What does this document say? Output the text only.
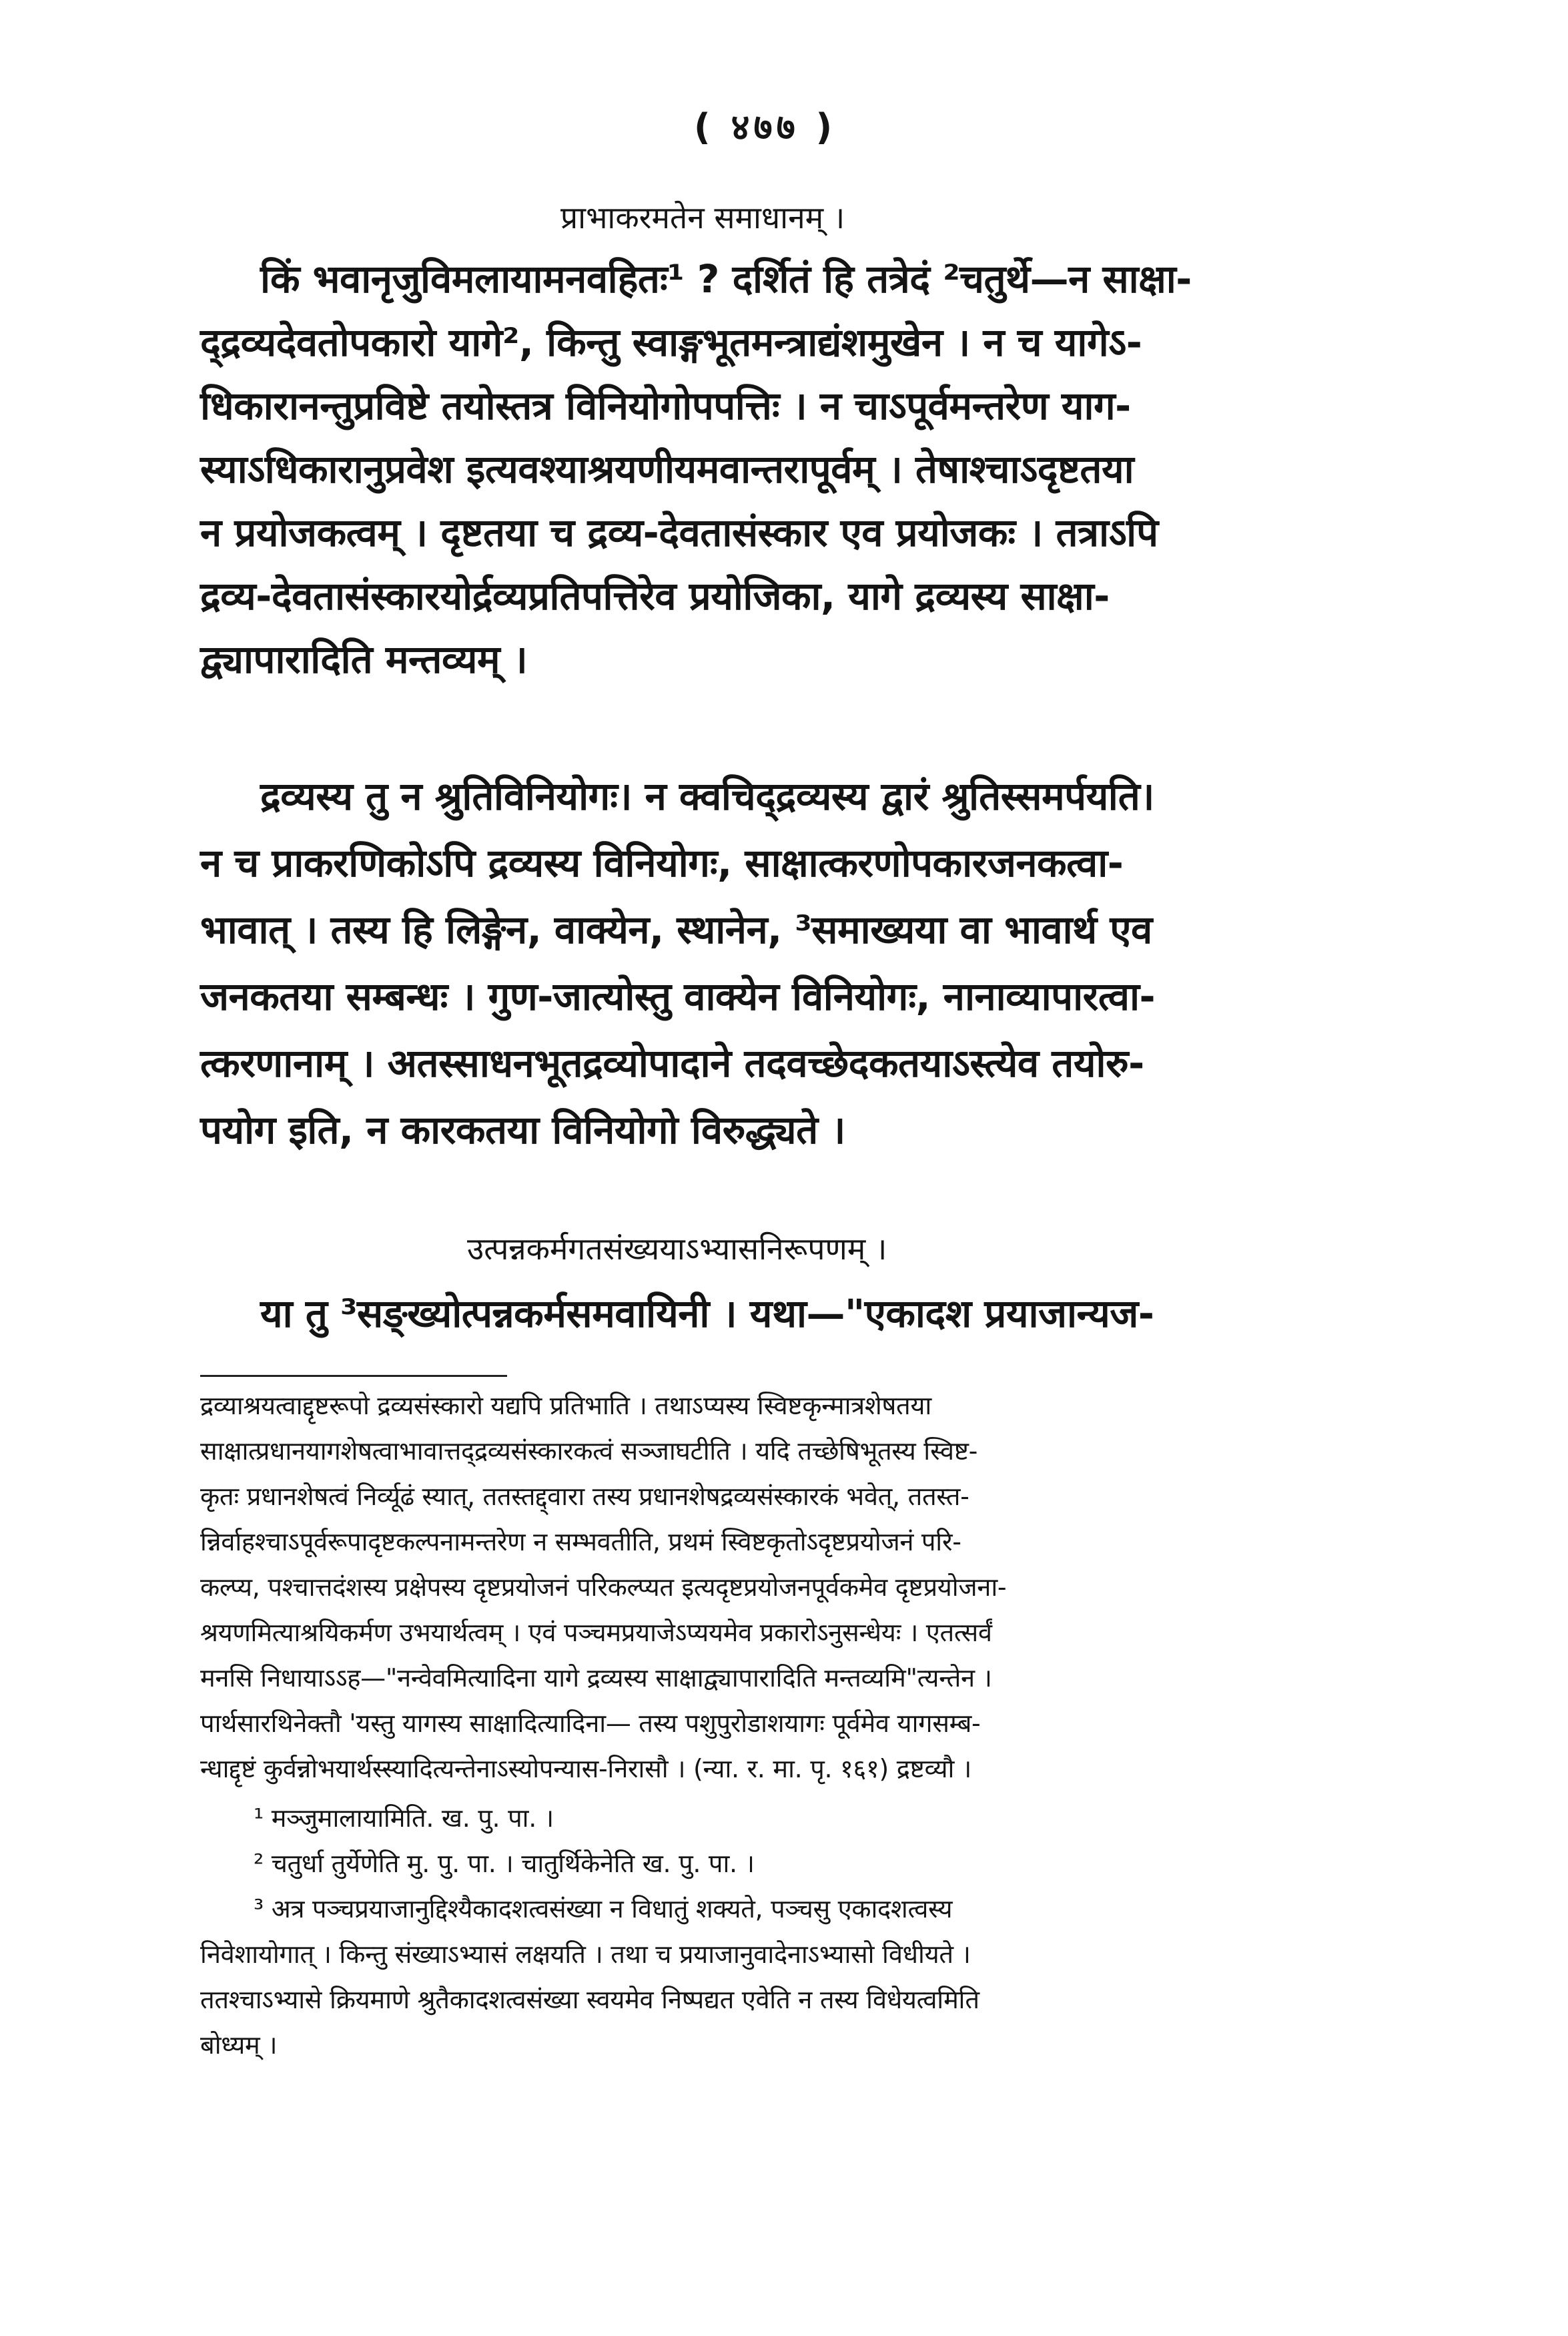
( ४७७ )
प्राभाकरमतेन समाधानम् ।
किं भवानृजुविमलायामनवहितः¹ ? दर्शितं हि तत्रेदं ²चतुर्थे—न साक्षा-
द्द्रव्यदेवतोपकारो यागे², किन्तु स्वाङ्गभूतमन्त्राद्यंशमुखेन । न च यागेऽ-
धिकारानन्तुप्रविष्टे तयोस्तत्र विनियोगोपपत्तिः । न चाऽपूर्वमन्तरेण याग-
स्याऽधिकारानुप्रवेश इत्यवश्याश्रयणीयमवान्तरापूर्वम् । तेषाश्चाऽदृष्टतया
न प्रयोजकत्वम् । दृष्टतया च द्रव्य-देवतासंस्कार एव प्रयोजकः । तत्राऽपि
द्रव्य-देवतासंस्कारयोर्द्रव्यप्रतिपत्तिरेव प्रयोजिका, यागे द्रव्यस्य साक्षा-
द्व्यापारादिति मन्तव्यम् ।
द्रव्यस्य तु न श्रुतिविनियोगः। न क्वचिद्द्रव्यस्य द्वारं श्रुतिस्समर्पयति।
न च प्राकरणिकोऽपि द्रव्यस्य विनियोगः, साक्षात्करणोपकारजनकत्वा-
भावात् । तस्य हि लिङ्गेन, वाक्येन, स्थानेन, ³समाख्यया वा भावार्थ एव
जनकतया सम्बन्धः । गुण-जात्योस्तु वाक्येन विनियोगः, नानाव्यापारत्वा-
त्करणानाम् । अतस्साधनभूतद्रव्योपादाने तदवच्छेदकतयाऽस्त्येव तयोरु-
पयोग इति, न कारकतया विनियोगो विरुद्ध्यते ।
उत्पन्नकर्मगतसंख्ययाऽभ्यासनिरूपणम् ।
या तु ³सङ्ख्योत्पन्नकर्मसमवायिनी । यथा—"एकादश प्रयाजान्यज-
द्रव्याश्रयत्वाद्दृष्टरूपो द्रव्यसंस्कारो यद्यपि प्रतिभाति । तथाऽप्यस्य स्विष्टकृन्मात्रशेषतया
साक्षात्प्रधानयागशेषत्वाभावात्तद्द्रव्यसंस्कारकत्वं सञ्जाघटीति । यदि तच्छेषिभूतस्य स्विष्ट-
कृतः प्रधानशेषत्वं निर्व्यूढं स्यात्, ततस्तद्द्वारा तस्य प्रधानशेषद्रव्यसंस्कारकं भवेत्, ततस्त-
न्निर्वाहश्चाऽपूर्वरूपादृष्टकल्पनामन्तरेण न सम्भवतीति, प्रथमं स्विष्टकृतोऽदृष्टप्रयोजनं परि-
कल्प्य, पश्चात्तदंशस्य प्रक्षेपस्य दृष्टप्रयोजनं परिकल्प्यत इत्यदृष्टप्रयोजनपूर्वकमेव दृष्टप्रयोजना-
श्रयणमित्याश्रयिकर्मण उभयार्थत्वम् । एवं पञ्चमप्रयाजेऽप्ययमेव प्रकारोऽनुसन्धेयः । एतत्सर्वं
मनसि निधायाऽऽह—"नन्वेवमित्यादिना यागे द्रव्यस्य साक्षाद्व्यापारादिति मन्तव्यमि"त्यन्तेन ।
पार्थसारथिनेक्तौ 'यस्तु यागस्य साक्षादित्यादिना— तस्य पशुपुरोडाशयागः पूर्वमेव यागसम्ब-
न्धाद्दृष्टं कुर्वन्नोभयार्थस्स्यादित्यन्तेनाऽस्योपन्यास-निरासौ । (न्या. र. मा. पृ. १६१) द्रष्टव्यौ ।
¹ मञ्जुमालायामिति. ख. पु. पा. ।
² चतुर्धा तुर्येणेति मु. पु. पा. । चातुर्थिकेनेति ख. पु. पा. ।
³ अत्र पञ्चप्रयाजानुद्दिश्यैकादशत्वसंख्या न विधातुं शक्यते, पञ्चसु एकादशत्वस्य
निवेशायोगात् । किन्तु संख्याऽभ्यासं लक्षयति । तथा च प्रयाजानुवादेनाऽभ्यासो विधीयते ।
ततश्चाऽभ्यासे क्रियमाणे श्रुतैकादशत्वसंख्या स्वयमेव निष्पद्यत एवेति न तस्य विधेयत्वमिति
बोध्यम् ।
